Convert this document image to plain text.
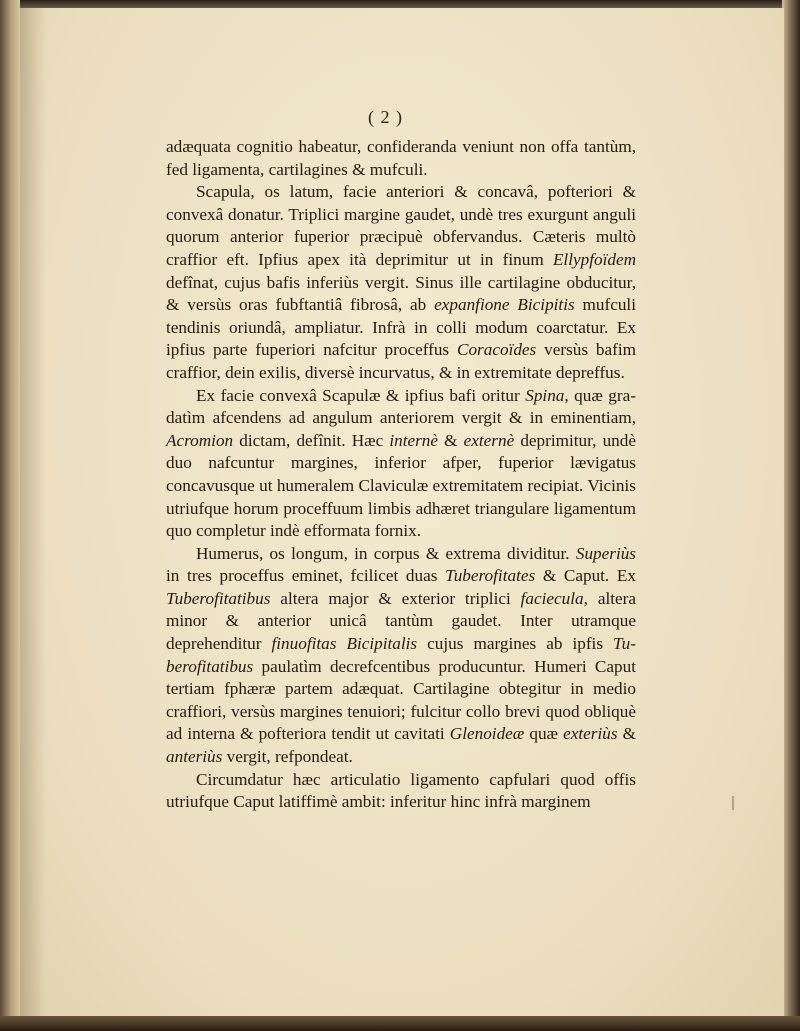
( 2 )

adæquata cognitio habeatur, confideranda veniunt non offa tantùm, fed ligamenta, cartilagines & mufculi.

Scapula, os latum, facie anteriori & concavâ, pofteriori & convexâ donatur. Triplici margine gaudet, undè tres exurgunt anguli quorum anterior fuperior præcipuè obfervandus. Cæteris multò craffior eft. Ipfius apex ità deprimitur ut in finum Ellypfoïdem defînat, cujus bafis inferiùs vergit. Sinus ille cartilagine obducitur, & versùs oras fubftantiâ fibrosâ, ab expanfione Bicipitis mufculi tendinis oriundâ, ampliatur. Infrà in colli modum coarctatur. Ex ipfius parte fuperiori nafcitur proceffus Coracoïdes versùs bafim craffior, dein exilis, diversè incurvatus, & in extremitate depreffus.

Ex facie convexâ Scapulæ & ipfius bafi oritur Spina, quæ gradatìm afcendens ad angulum anteriorem vergit & in eminentiam, Acromion dictam, defînit. Hæc internè & externè deprimitur, undè duo nafcuntur margines, inferior afper, fuperior lævigatus concavusque ut humeralem Claviculæ extremitatem recipiat. Vicinis utriufque horum proceffuum limbis adhæret triangulare ligamentum quo completur indè efformata fornix.

Humerus, os longum, in corpus & extrema dividitur. Superiùs in tres proceffus eminet, fcilicet duas Tuberofitates & Caput. Ex Tuberofitatibus altera major & exterior triplici faciecula, altera minor & anterior unicâ tantùm gaudet. Inter utramque deprehenditur finuofitas Bicipitalis cujus margines ab ipfis Tuberofitatibus paulatìm decrefcentibus producuntur. Humeri Caput tertiam fphæræ partem adæquat. Cartilagine obtegitur in medio craffiori, versùs margines tenuiori; fulcitur collo brevi quod obliquè ad interna & pofteriora tendit ut cavitati Glenoideæ quæ exteriùs & anteriùs vergit, refpondeat.

Circumdatur hæc articulatio ligamento capfulari quod offis utriufque Caput latiffimè ambit: inferitur hinc infrà marginem
